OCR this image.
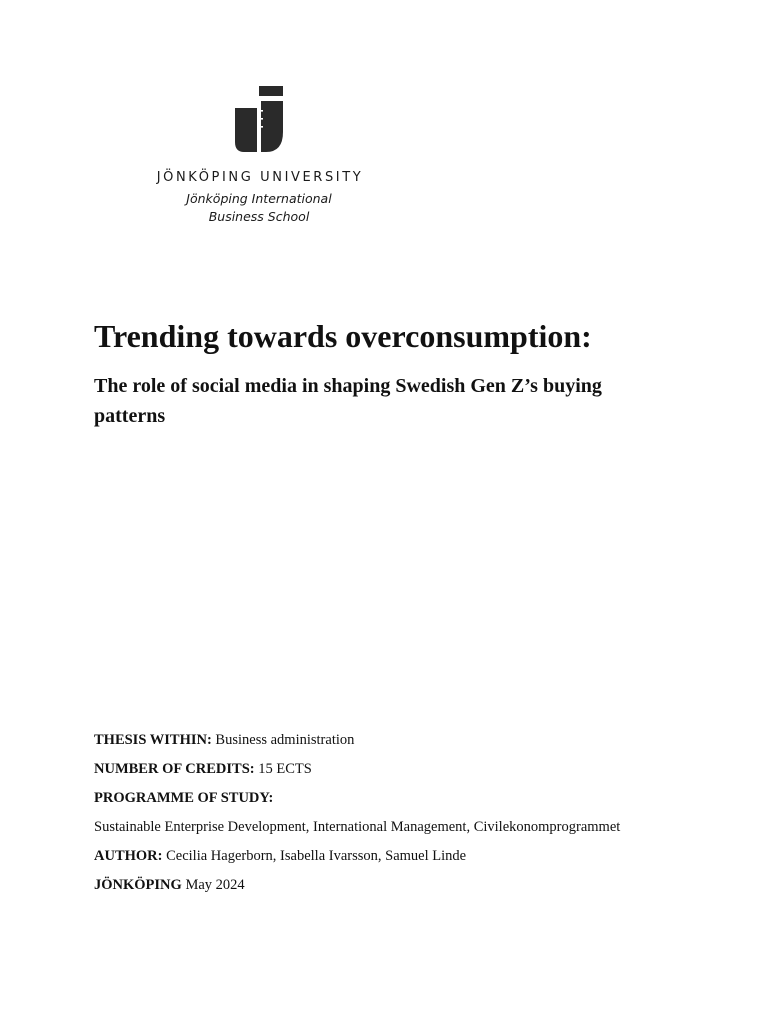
JÖNKÖPING UNIVERSITY
Jönköping International
Business School
Trending towards overconsumption:
The role of social media in shaping Swedish Gen Z’s buying patterns
THESIS WITHIN: Business administration
NUMBER OF CREDITS: 15 ECTS
PROGRAMME OF STUDY:
Sustainable Enterprise Development, International Management, Civilekonomprogrammet
AUTHOR: Cecilia Hagerborn, Isabella Ivarsson, Samuel Linde
JÖNKÖPING May 2024
